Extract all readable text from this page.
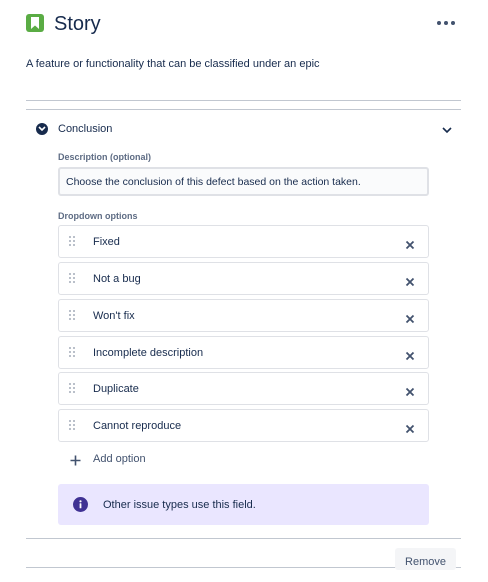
Story
A feature or functionality that can be classified under an epic
Conclusion
Description (optional)
Choose the conclusion of this defect based on the action taken.
Dropdown options
Fixed
Not a bug
Won't fix
Incomplete description
Duplicate
Cannot reproduce
Add option
Other issue types use this field.
Remove
